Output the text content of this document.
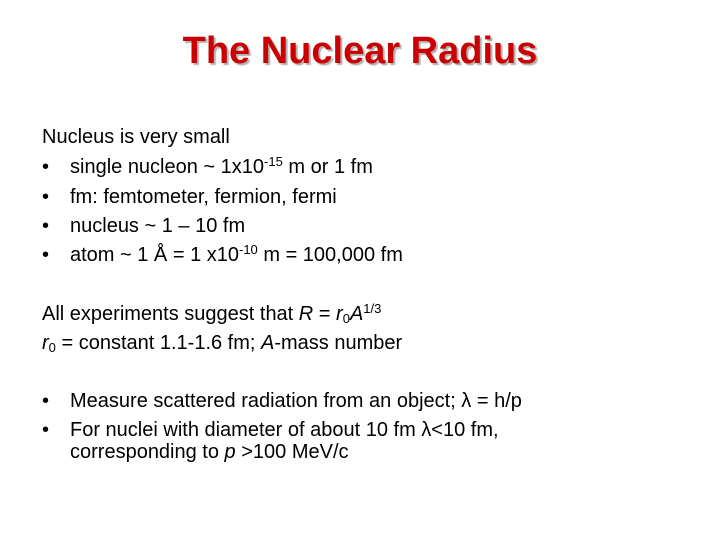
The Nuclear Radius
Nucleus is very small
• single nucleon ~ $1x10^{-15}$ m or 1 fm
• fm: femtometer, fermion, fermi
• nucleus ~ 1 – 10 fm
• atom ~ 1 Å = 1 $x10^{-10}$ m = 100,000 fm
All experiments suggest that $R = r_0A^{1/3}$
$r_0$ = constant 1.1-1.6 fm; A-mass number
• Measure scattered radiation from an object; λ = h/p
• For nuclei with diameter of about 10 fm λ<10 fm,
corresponding to p >100 MeV/c
